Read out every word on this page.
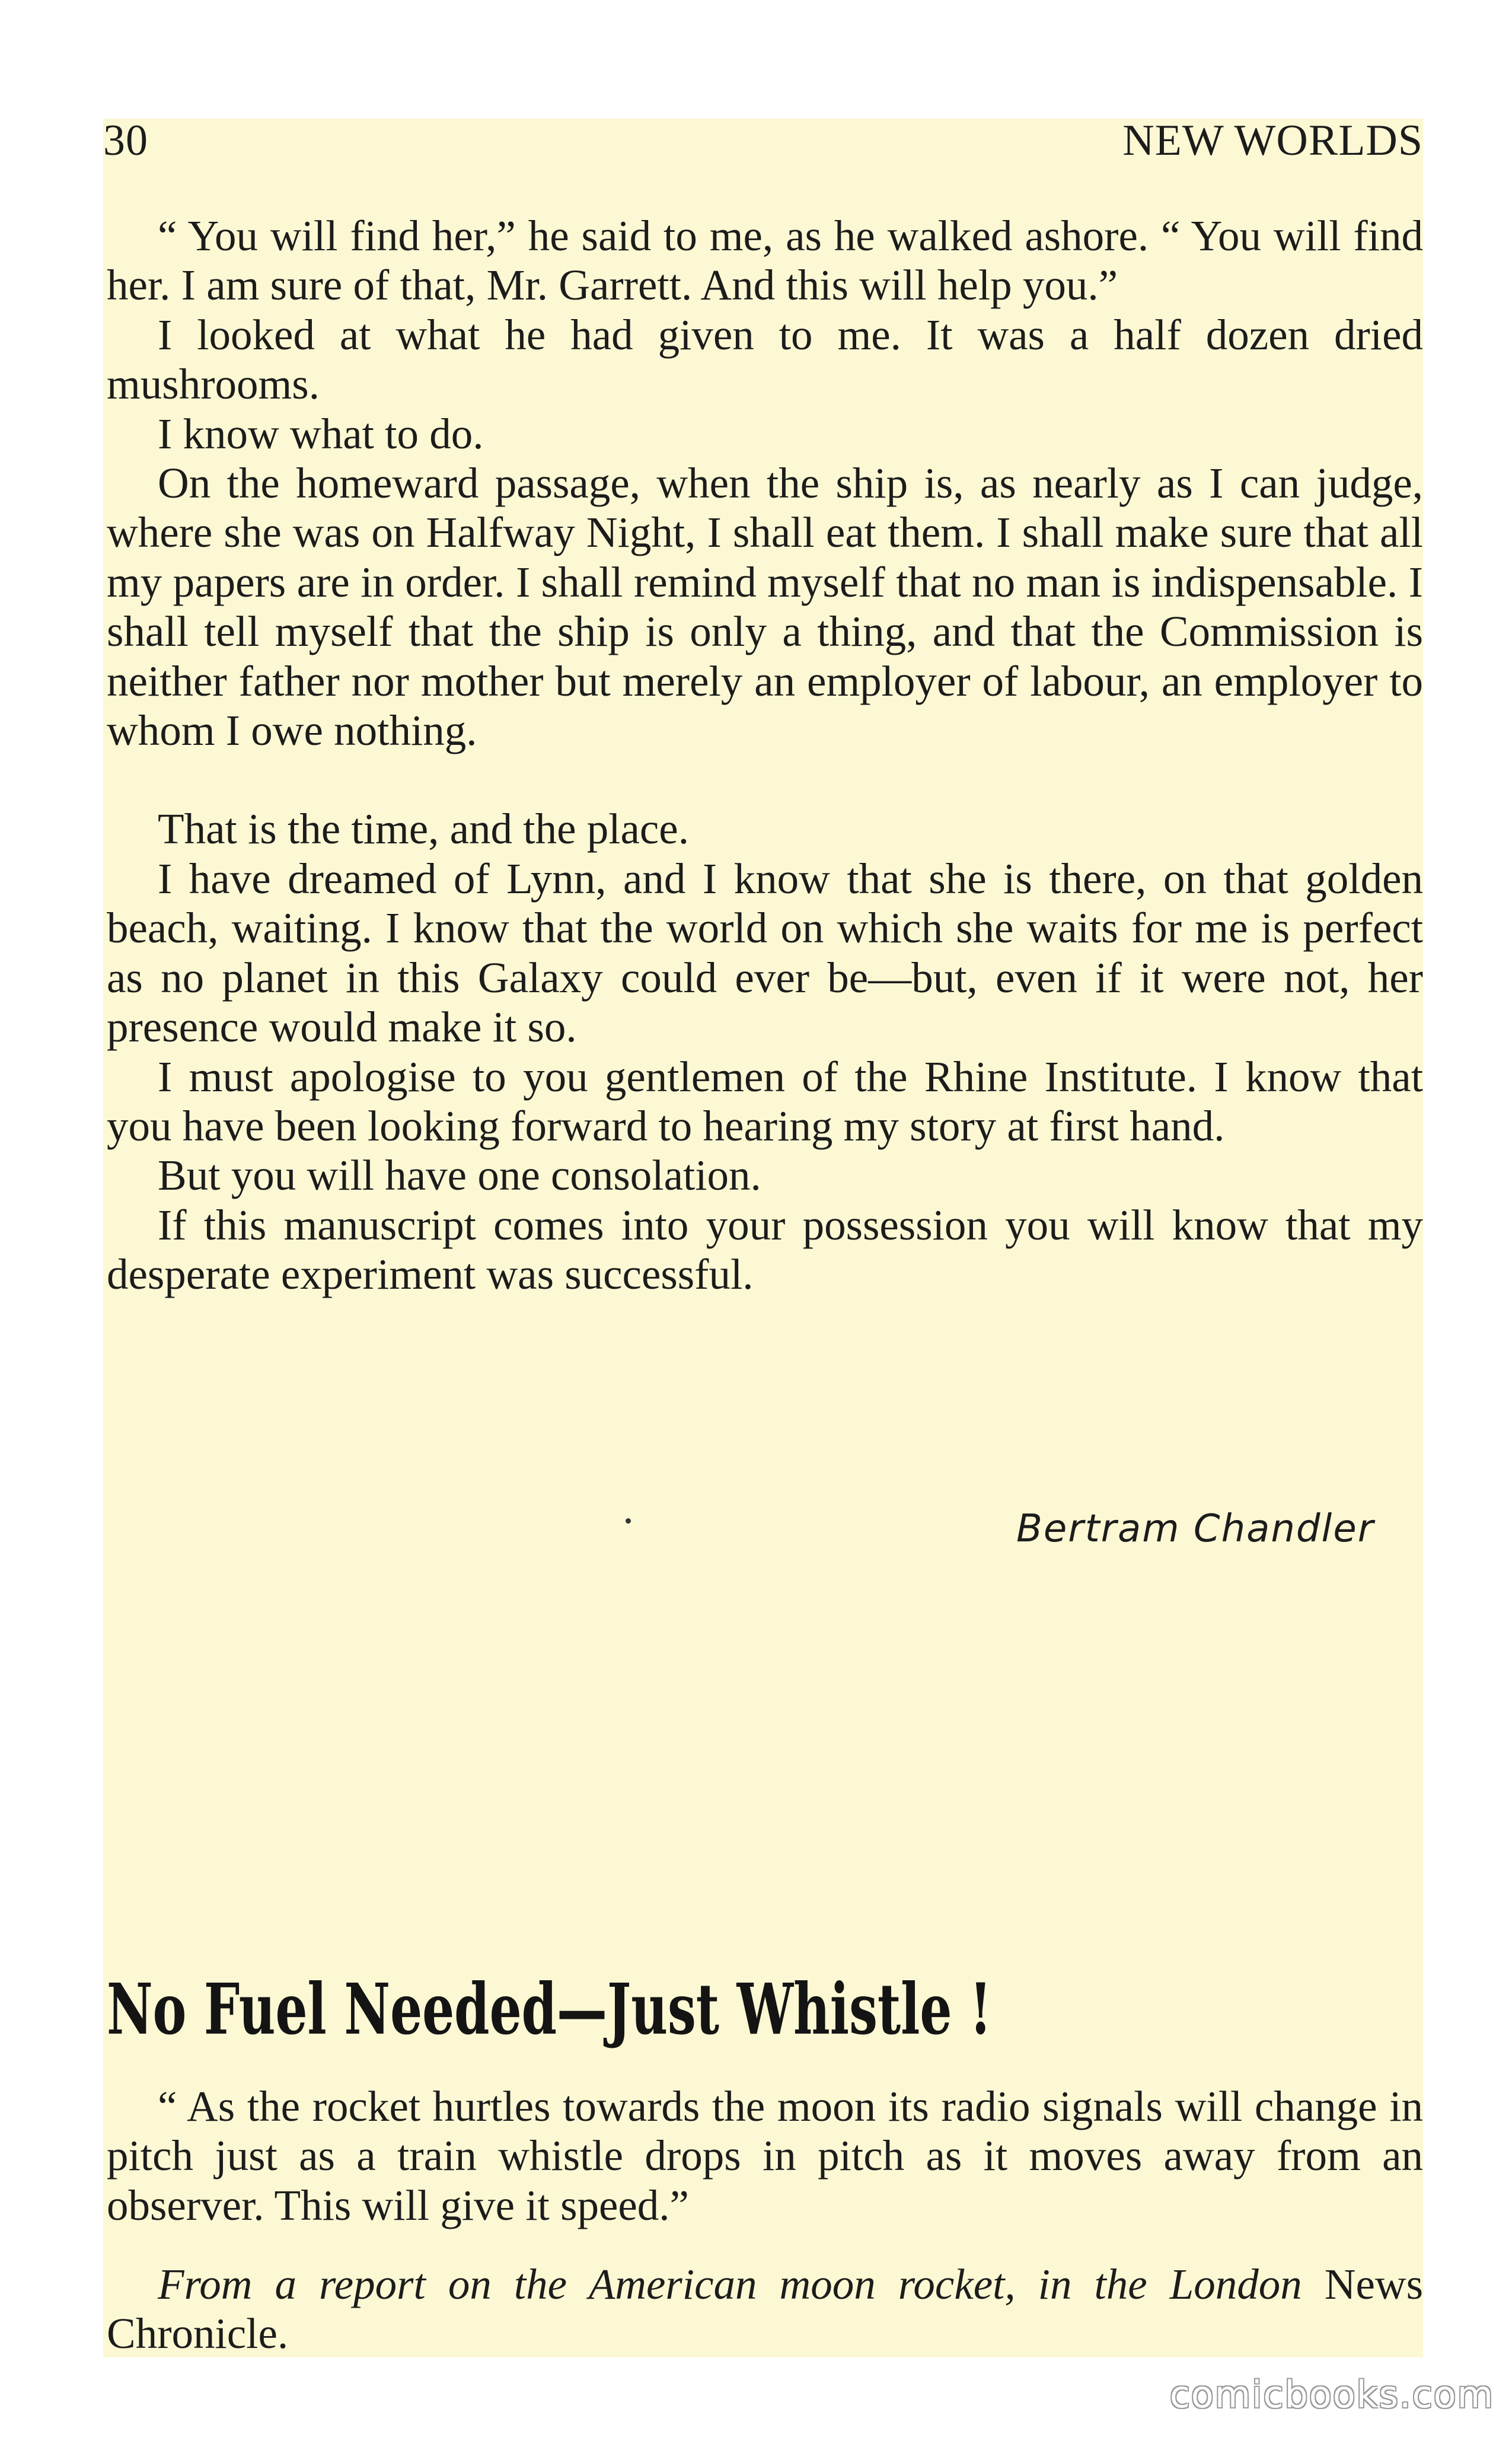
30	NEW WORLDS

“ You will find her,” he said to me, as he walked ashore. “ You will find her. I am sure of that, Mr. Garrett. And this will help you.”

I looked at what he had given to me. It was a half dozen dried mushrooms.

I know what to do.

On the homeward passage, when the ship is, as nearly as I can judge, where she was on Halfway Night, I shall eat them. I shall make sure that all my papers are in order. I shall remind myself that no man is indispensable. I shall tell myself that the ship is only a thing, and that the Commission is neither father nor mother but merely an employer of labour, an employer to whom I owe nothing.

That is the time, and the place.

I have dreamed of Lynn, and I know that she is there, on that golden beach, waiting. I know that the world on which she waits for me is perfect as no planet in this Galaxy could ever be—but, even if it were not, her presence would make it so.

I must apologise to you gentlemen of the Rhine Institute. I know that you have been looking forward to hearing my story at first hand.

But you will have one consolation.

If this manuscript comes into your possession you will know that my desperate experiment was successful.

Bertram Chandler
No Fuel Needed—Just Whistle !

“ As the rocket hurtles towards the moon its radio signals will change in pitch just as a train whistle drops in pitch as it moves away from an observer. This will give it speed.”

From a report on the American moon rocket, in the London News Chronicle.

comicbooks.com
